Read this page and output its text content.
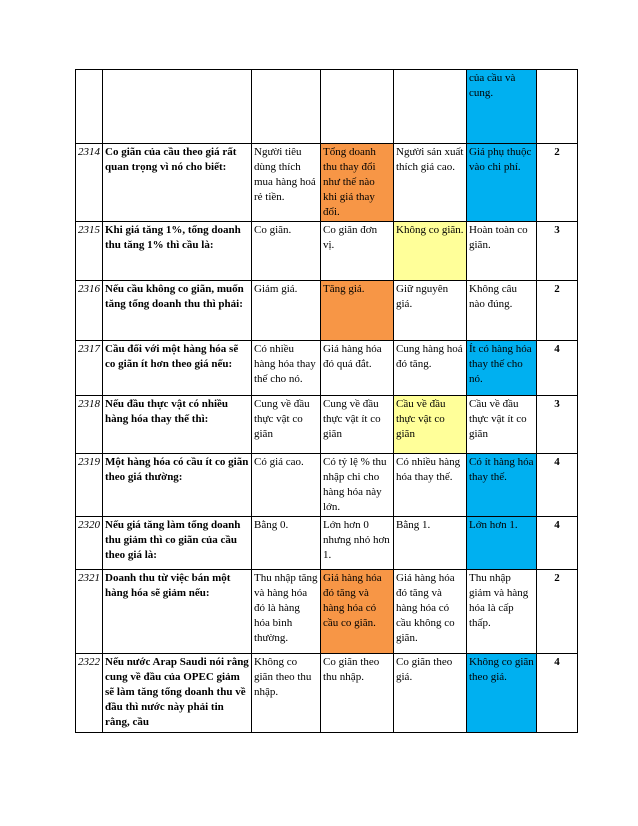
					của cầu và cung.	
2314	Co giãn của cầu theo giá rất quan trọng vì nó cho biết:	Người tiêu dùng thích mua hàng hoá rẻ tiền.	Tổng doanh thu thay đổi như thế nào khi giá thay đổi.	Người sản xuất thích giá cao.	Giá phụ thuộc vào chi phí.	2
2315	Khi giá tăng 1%, tổng doanh thu tăng 1% thì cầu là:	Co giãn.	Co giãn đơn vị.	Không co giãn.	Hoàn toàn co giãn.	3
2316	Nếu cầu không co giãn, muốn tăng tổng doanh thu thì phải:	Giảm giá.	Tăng giá.	Giữ nguyên giá.	Không câu nào đúng.	2
2317	Cầu đối với một hàng hóa sẽ co giãn ít hơn theo giá nếu:	Có nhiều hàng hóa thay thế cho nó.	Giá hàng hóa đó quá đắt.	Cung hàng hoá đó tăng.	Ít có hàng hóa thay thế cho nó.	4
2318	Nếu đầu thực vật có nhiều hàng hóa thay thế thì:	Cung về đầu thực vật co giãn	Cung về đầu thực vật ít co giãn	Cầu về đầu thực vật co giãn	Cầu về đầu thực vật ít co giãn	3
2319	Một hàng hóa có cầu ít co giãn theo giá thường:	Có giá cao.	Có tỷ lệ % thu nhập chi cho hàng hóa này lớn.	Có nhiều hàng hóa thay thế.	Có ít hàng hóa thay thế.	4
2320	Nếu giá tăng làm tổng doanh thu giảm thì co giãn của cầu theo giá là:	Bằng 0.	Lớn hơn 0 nhưng nhỏ hơn 1.	Bằng 1.	Lớn hơn 1.	4
2321	Doanh thu từ việc bán một hàng hóa sẽ giảm nếu:	Thu nhập tăng và hàng hóa đó là hàng hóa bình thường.	Giá hàng hóa đó tăng và hàng hóa có cầu co giãn.	Giá hàng hóa đó tăng và hàng hóa có cầu không co giãn.	Thu nhập giảm và hàng hóa là cấp thấp.	2
2322	Nếu nước Arap Saudi nói rằng cung về đầu của OPEC giảm sẽ làm tăng tổng doanh thu về đầu thì nước này phải tin rằng, cầu	Không co giãn theo thu nhập.	Co giãn theo thu nhập.	Co giãn theo giá.	Không co giãn theo giá.	4
